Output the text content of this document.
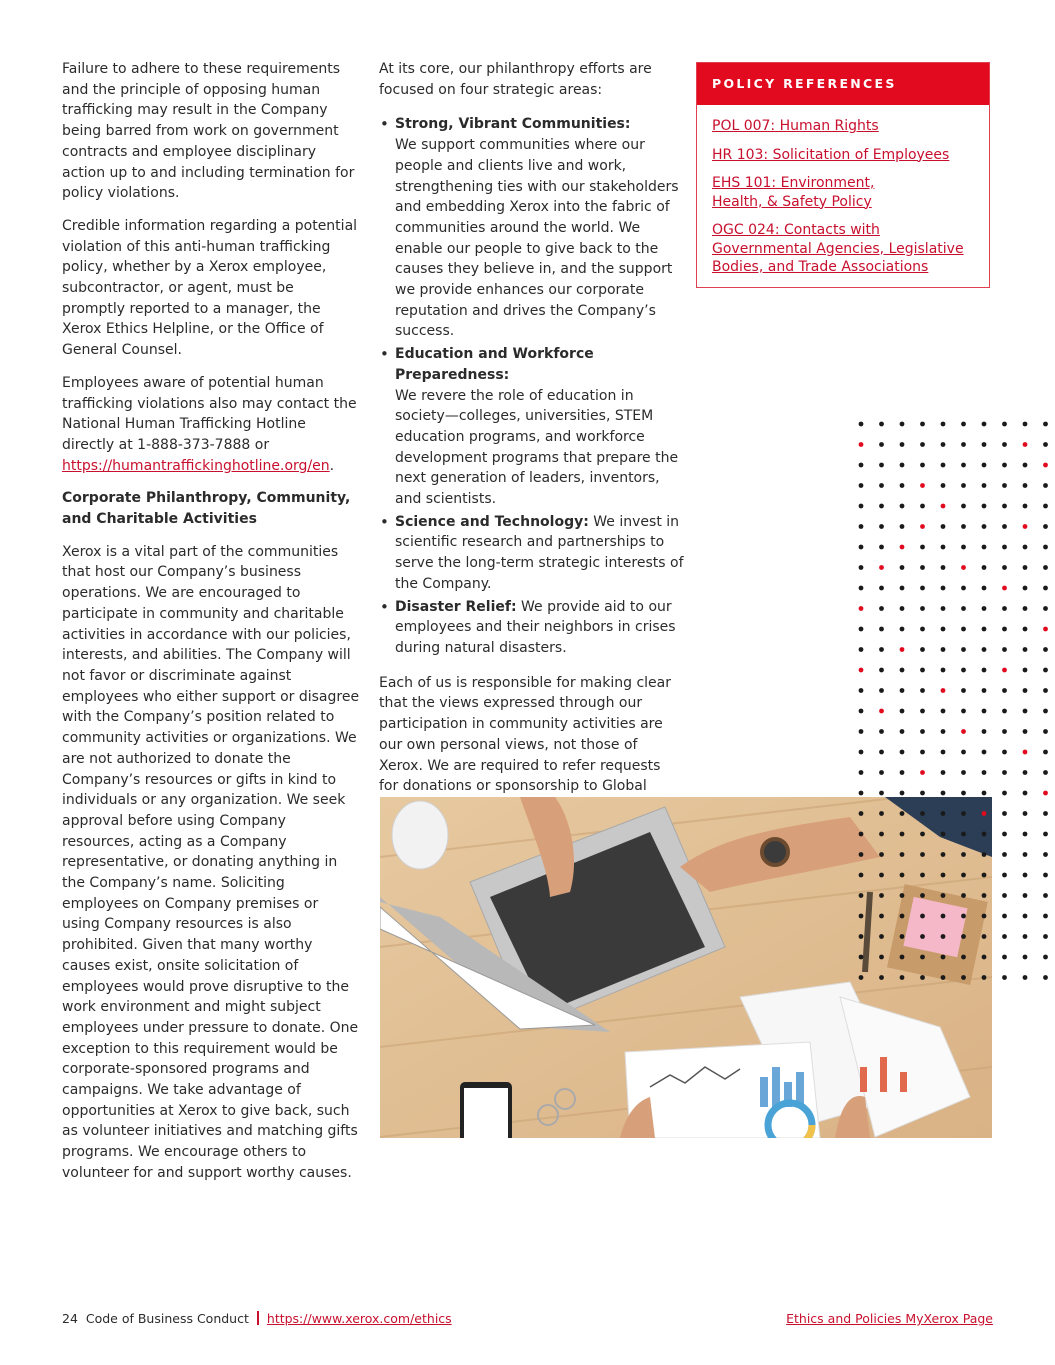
Failure to adhere to these requirements and the principle of opposing human trafficking may result in the Company being barred from work on government contracts and employee disciplinary action up to and including termination for policy violations.

Credible information regarding a potential violation of this anti-human trafficking policy, whether by a Xerox employee, subcontractor, or agent, must be promptly reported to a manager, the Xerox Ethics Helpline, or the Office of General Counsel.

Employees aware of potential human trafficking violations also may contact the National Human Trafficking Hotline directly at 1-888-373-7888 or https://humantraffickinghotline.org/en.

Corporate Philanthropy, Community, and Charitable Activities

Xerox is a vital part of the communities that host our Company’s business operations. We are encouraged to participate in community and charitable activities in accordance with our policies, interests, and abilities. The Company will not favor or discriminate against employees who either support or disagree with the Company’s position related to community activities or organizations. We are not authorized to donate the Company’s resources or gifts in kind to individuals or any organization. We seek approval before using Company resources, acting as a Company representative, or donating anything in the Company’s name. Soliciting employees on Company premises or using Company resources is also prohibited. Given that many worthy causes exist, onsite solicitation of employees would prove disruptive to the work environment and might subject employees under pressure to donate. One exception to this requirement would be corporate-sponsored programs and campaigns. We take advantage of opportunities at Xerox to give back, such as volunteer initiatives and matching gifts programs. We encourage others to volunteer for and support worthy causes.

At its core, our philanthropy efforts are focused on four strategic areas:

• Strong, Vibrant Communities:
We support communities where our people and clients live and work, strengthening ties with our stakeholders and embedding Xerox into the fabric of communities around the world. We enable our people to give back to the causes they believe in, and the support we provide enhances our corporate reputation and drives the Company’s success.
• Education and Workforce Preparedness:
We revere the role of education in society—colleges, universities, STEM education programs, and workforce development programs that prepare the next generation of leaders, inventors, and scientists.
• Science and Technology: We invest in scientific research and partnerships to serve the long-term strategic interests of the Company.
• Disaster Relief: We provide aid to our employees and their neighbors in crises during natural disasters.

Each of us is responsible for making clear that the views expressed through our participation in community activities are our own personal views, not those of Xerox. We are required to refer requests for donations or sponsorship to Global

POLICY REFERENCES
POL 007: Human Rights
HR 103: Solicitation of Employees
EHS 101: Environment, Health, & Safety Policy
OGC 024: Contacts with Governmental Agencies, Legislative Bodies, and Trade Associations
24 Code of Business Conduct https://www.xerox.com/ethics	Ethics and Policies MyXerox Page
